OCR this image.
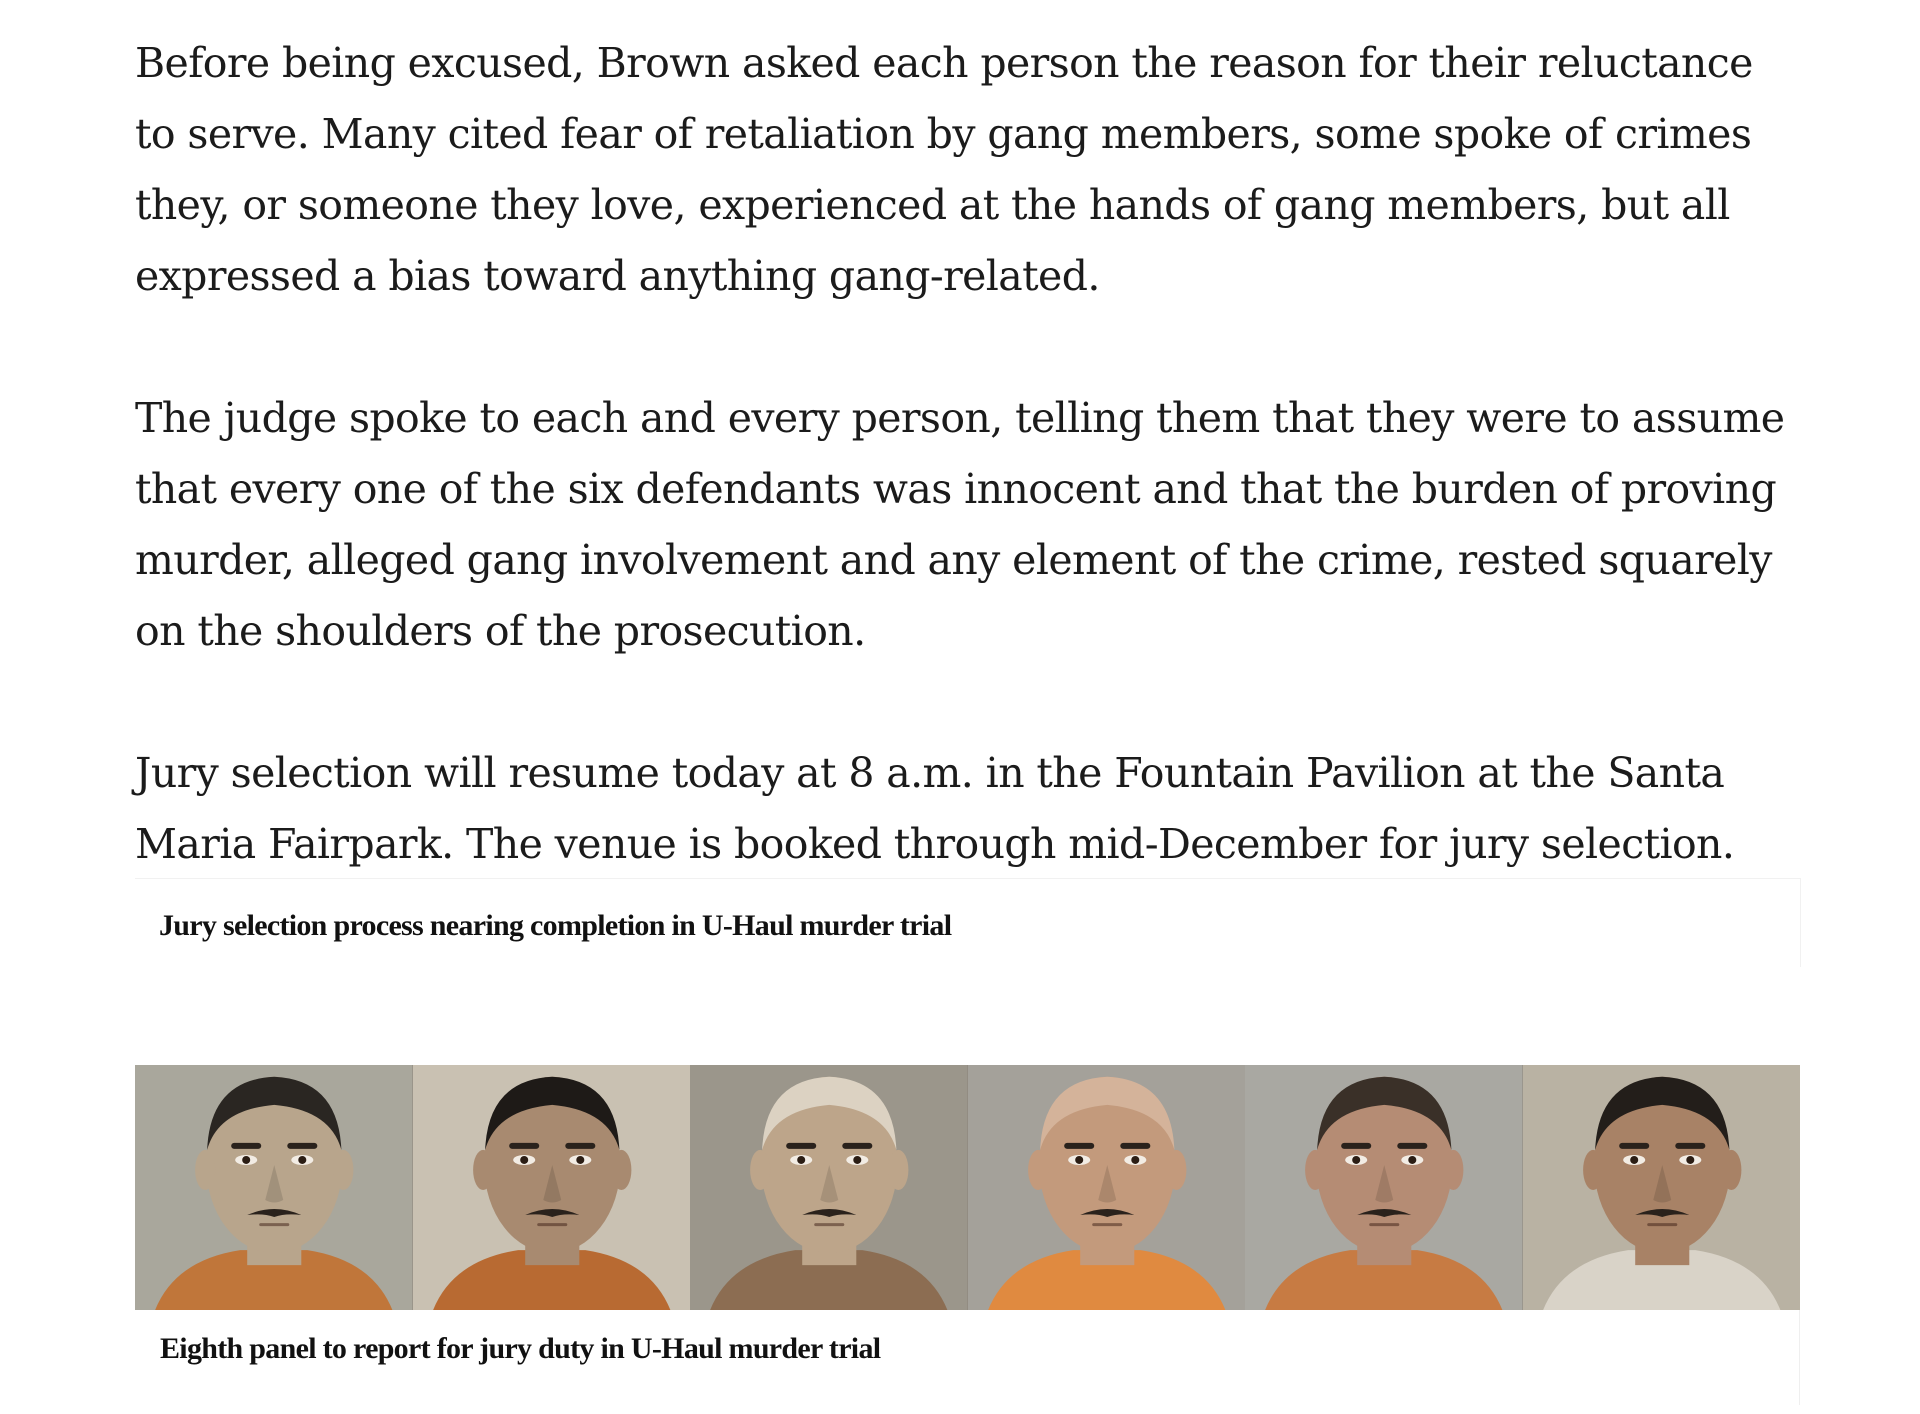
Before being excused, Brown asked each person the reason for their reluctance to serve. Many cited fear of retaliation by gang members, some spoke of crimes they, or someone they love, experienced at the hands of gang members, but all expressed a bias toward anything gang-related.

The judge spoke to each and every person, telling them that they were to assume that every one of the six defendants was innocent and that the burden of proving murder, alleged gang involvement and any element of the crime, rested squarely on the shoulders of the prosecution.

Jury selection will resume today at 8 a.m. in the Fountain Pavilion at the Santa Maria Fairpark. The venue is booked through mid-December for jury selection.

Jury selection process nearing completion in U-Haul murder trial
Eighth panel to report for jury duty in U-Haul murder trial
